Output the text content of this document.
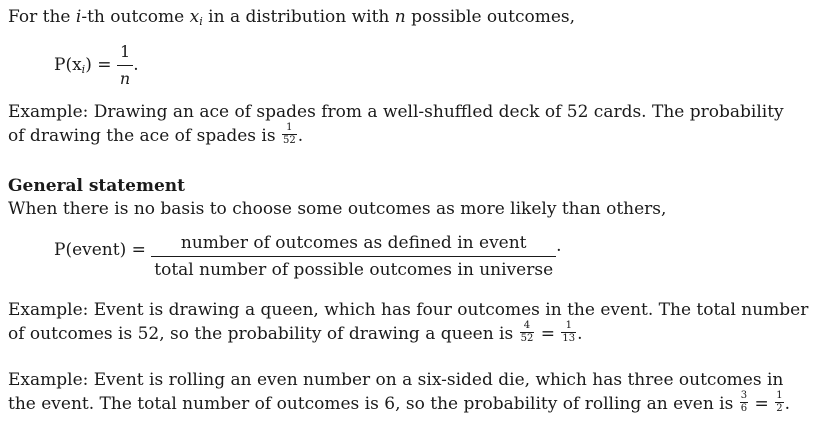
For the i-th outcome $x_i$ in a distribution with n possible outcomes,
$P(x_i) = \frac{1}{n}$ .
Example: Drawing an ace of spades from a well-shuffled deck of 52 cards. The probability
of drawing the ace of spades is $\frac{1}{52}$ .
General statement
When there is no basis to choose some outcomes as more likely than others,
P(event) =	number of outcomes as defined in event
total number of possible outcomes in universe
.
Example: Event is drawing a queen, which has four outcomes in the event. The total number
of outcomes is 52, so the probability of drawing a queen is $\frac{4}{52} = \frac{1}{13}$ .
Example: Event is rolling an even number on a six-sided die, which has three outcomes in
the event. The total number of outcomes is 6, so the probability of rolling an even is $\frac{3}{6} = \frac{1}{2}$ .
